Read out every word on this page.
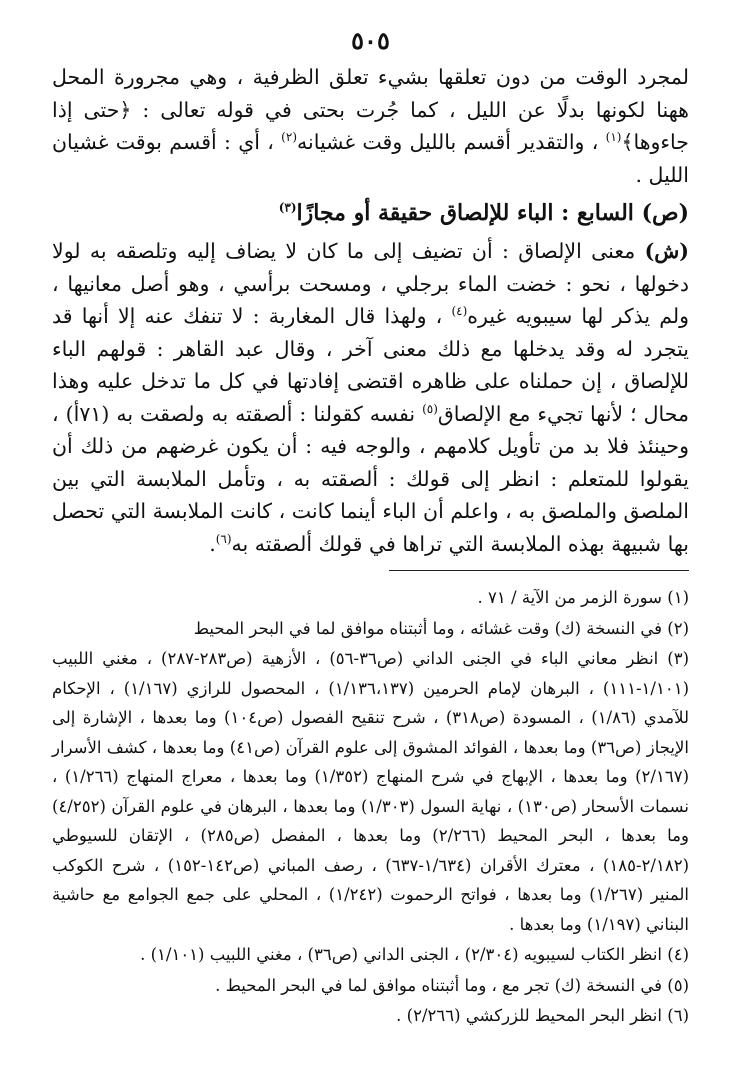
٥٠٥

لمجرد الوقت من دون تعلقها بشيء تعلق الظرفية ، وهي مجرورة المحل ههنا لكونها بدلًا عن الليل ، كما جُرت بحتى في قوله تعالى : ﴿حتى إذا جاءوها﴾$^{(١)}$ ، والتقدير أقسم بالليل وقت غشيانه$^{(٢)}$ ، أي : أقسم بوقت غشيان الليل .

(ص) السابع : الباء للإلصاق حقيقة أو مجازًا$^{(٣)}$

(ش) معنى الإلصاق : أن تضيف إلى ما كان لا يضاف إليه وتلصقه به لولا دخولها ، نحو : خضت الماء برجلي ، ومسحت برأسي ، وهو أصل معانيها ، ولم يذكر لها سيبويه غيره$^{(٤)}$ ، ولهذا قال المغاربة : لا تنفك عنه إلا أنها قد يتجرد له وقد يدخلها مع ذلك معنى آخر ، وقال عبد القاهر : قولهم الباء للإلصاق ، إن حملناه على ظاهره اقتضى إفادتها في كل ما تدخل عليه وهذا محال ؛ لأنها تجيء مع الإلصاق$^{(٥)}$ نفسه كقولنا : ألصقته به ولصقت به (٧١أ) ، وحينئذ فلا بد من تأويل كلامهم ، والوجه فيه : أن يكون غرضهم من ذلك أن يقولوا للمتعلم : انظر إلى قولك : ألصقته به ، وتأمل الملابسة التي بين الملصق والملصق به ، واعلم أن الباء أينما كانت ، كانت الملابسة التي تحصل بها شبيهة بهذه الملابسة التي تراها في قولك ألصقته به$^{(٦)}$.

(١) سورة الزمر من الآية / ٧١ .
(٢) في النسخة (ك) وقت غشائه ، وما أثبتناه موافق لما في البحر المحيط
(٣) انظر معاني الباء في الجنى الداني (ص٣٦-٥٦) ، الأزهية (ص٢٨٣-٢٨٧) ، مغني اللبيب (١/١٠١-١١١) ، البرهان لإمام الحرمين (١/١٣٦،١٣٧) ، المحصول للرازي (١/١٦٧) ، الإحكام للآمدي (١/٨٦) ، المسودة (ص٣١٨) ، شرح تنقيح الفصول (ص١٠٤) وما بعدها ، الإشارة إلى الإيجاز (ص٣٦) وما بعدها ، الفوائد المشوق إلى علوم القرآن (ص٤١) وما بعدها ، كشف الأسرار (٢/١٦٧) وما بعدها ، الإبهاج في شرح المنهاج (١/٣٥٢) وما بعدها ، معراج المنهاج (١/٢٦٦) ، نسمات الأسحار (ص١٣٠) ، نهاية السول (١/٣٠٣) وما بعدها ، البرهان في علوم القرآن (٤/٢٥٢) وما بعدها ، البحر المحيط (٢/٢٦٦) وما بعدها ، المفصل (ص٢٨٥) ، الإتقان للسيوطي (٢/١٨٢-١٨٥) ، معترك الأقران (١/٦٣٤-٦٣٧) ، رصف المباني (ص١٤٢-١٥٢) ، شرح الكوكب المنير (١/٢٦٧) وما بعدها ، فواتح الرحموت (١/٢٤٢) ، المحلي على جمع الجوامع مع حاشية البناني (١/١٩٧) وما بعدها .
(٤) انظر الكتاب لسيبويه (٢/٣٠٤) ، الجنى الداني (ص٣٦) ، مغني اللبيب (١/١٠١) .
(٥) في النسخة (ك) تجر مع ، وما أثبتناه موافق لما في البحر المحيط .
(٦) انظر البحر المحيط للزركشي (٢/٢٦٦) .
